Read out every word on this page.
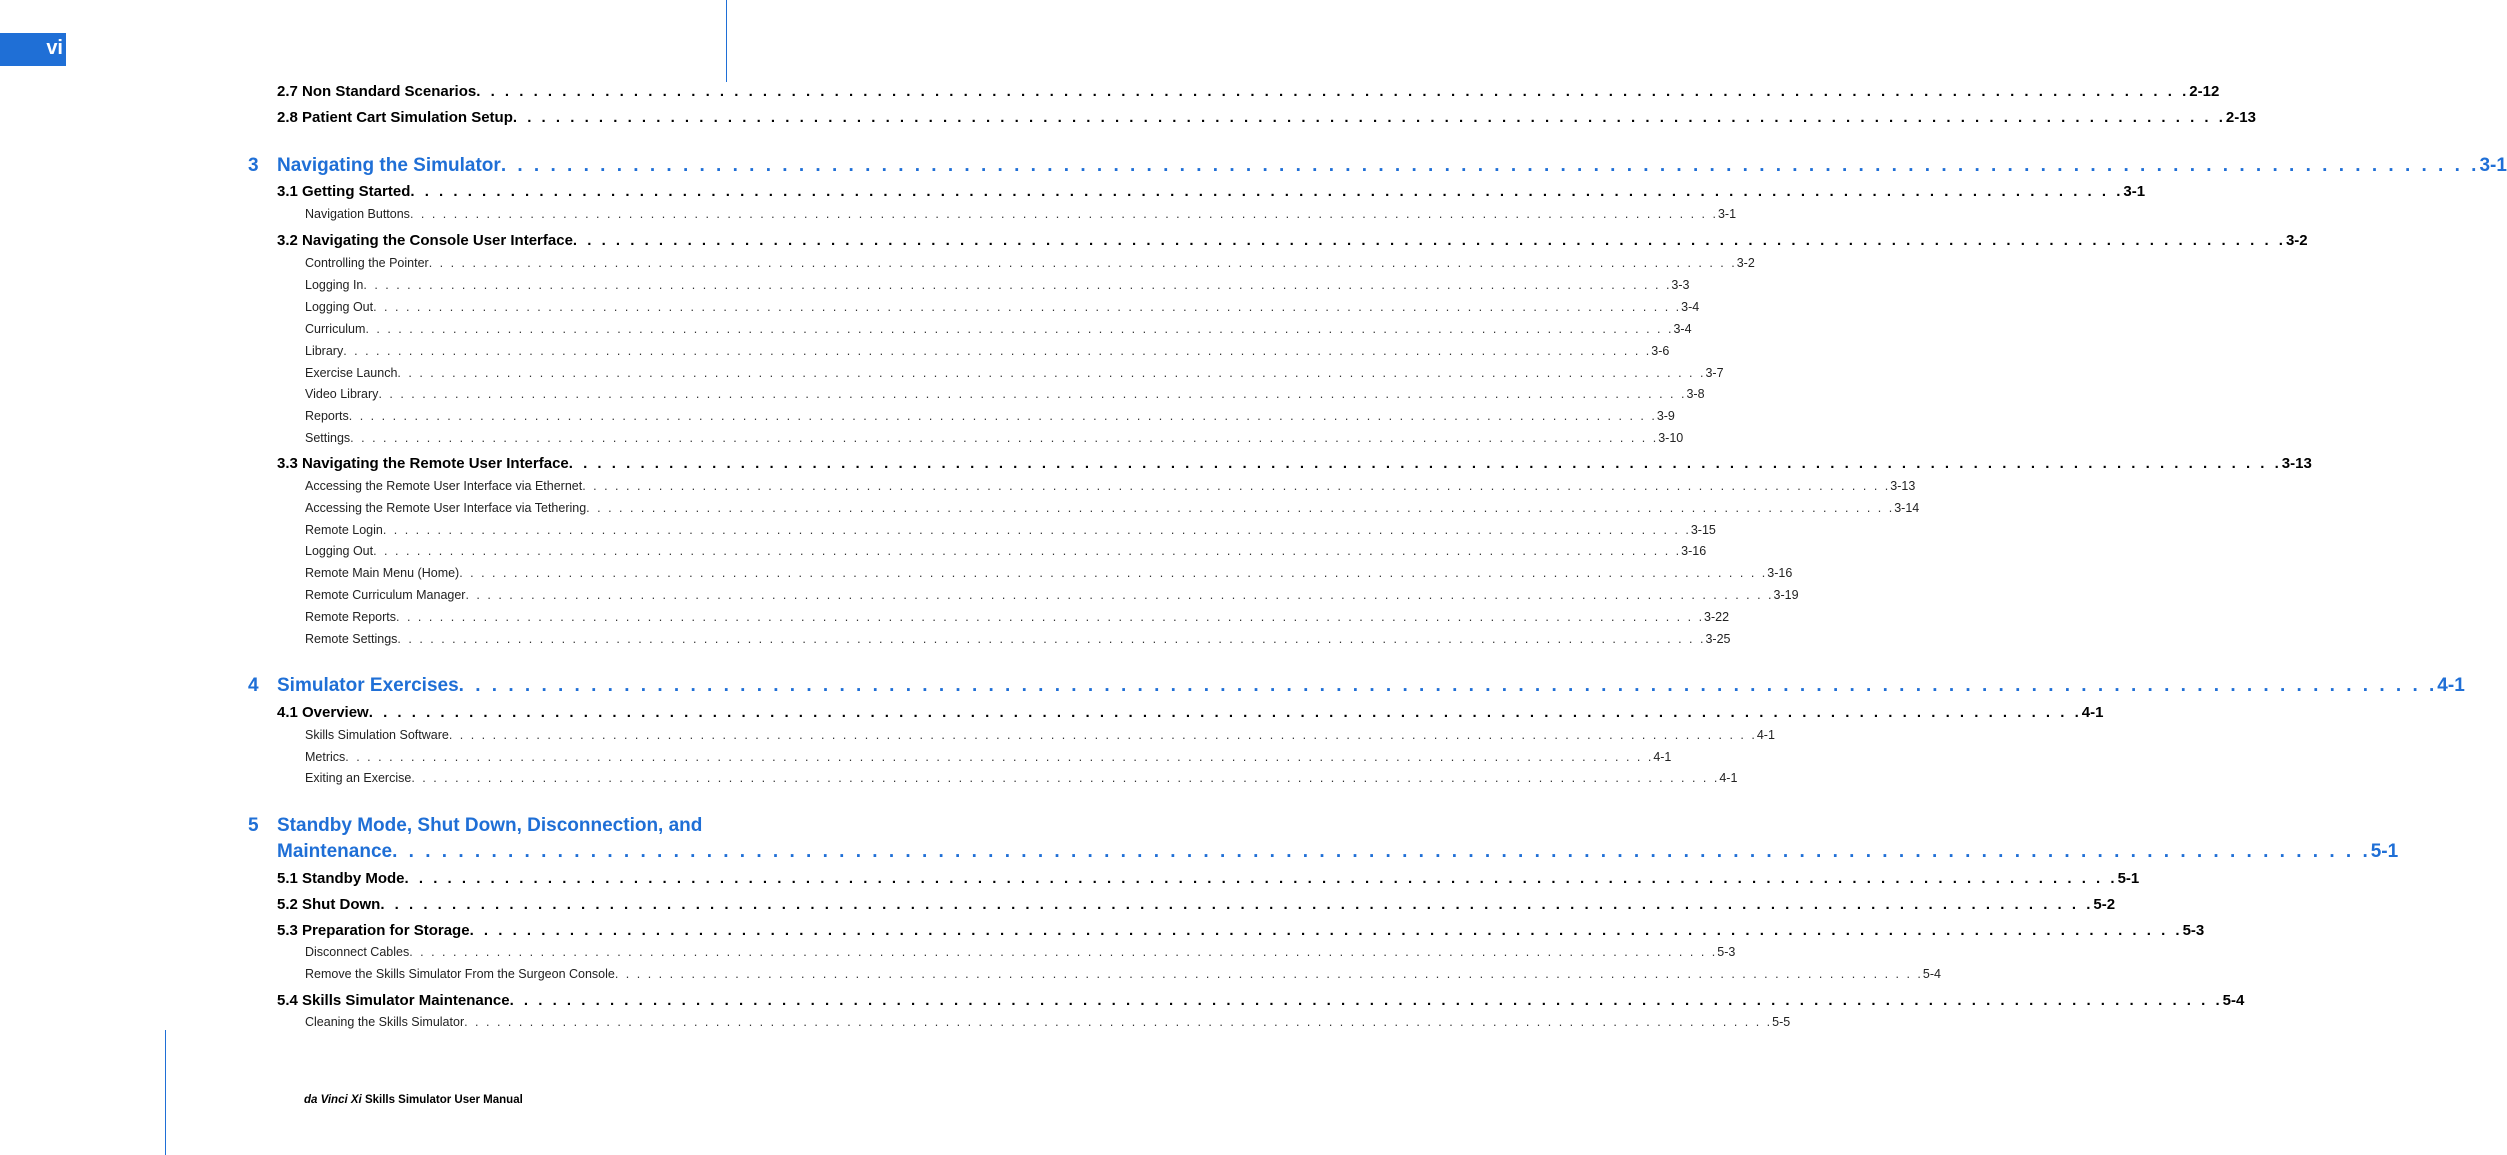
vi
2.7 Non Standard Scenarios . . . . . . . . . . . . . . . . . . . . . . . . . . . . . . . . . . . . . . . . . . . . . . . . . . . . . . . . . . . . . . . . . . . . . . . . . . . . . . . . . . . . . . . . . . . . . . . . . . . . . . . . . . . . . . . . . . . . . . . . 2-12
2.8 Patient Cart Simulation Setup . . . . . . . . . . . . . . . . . . . . . . . . . . . . . . . . . . . . . . . . . . . . . . . . . . . . . . . . . . . . . . . . . . . . . . . . . . . . . . . . . . . . . . . . . . . . . . . . . . . . . . . . . . . . . . . . . . . . . . . . 2-13
3 Navigating the Simulator . . . . . . . . . . . . . . . . . . . . . . . . . . . . . . . . . . . . . . . . . . . . . . . . . . . . . . . . . . . . . . . . . . . . . . . . . . . . . . . . . . . . . . . . . . . . . . . . . . . . . . . . . . . . . . . . . . . . . . . . 3-1
3.1 Getting Started . . . . . . . . . . . . . . . . . . . . . . . . . . . . . . . . . . . . . . . . . . . . . . . . . . . . . . . . . . . . . . . . . . . . . . . . . . . . . . . . . . . . . . . . . . . . . . . . . . . . . . . . . . . . . . . . . . . . . . . . 3-1
Navigation Buttons . . . . . . . . . . . . . . . . . . . . . . . . . . . . . . . . . . . . . . . . . . . . . . . . . . . . . . . . . . . . . . . . . . . . . . . . . . . . . . . . . . . . . . . . . . . . . . . . . . . . . . . . . . . . . . . . . . . . . . . . 3-1
3.2 Navigating the Console User Interface . . . . . . . . . . . . . . . . . . . . . . . . . . . . . . . . . . . . . . . . . . . . . . . . . . . . . . . . . . . . . . . . . . . . . . . . . . . . . . . . . . . . . . . . . . . . . . . . . . . . . . . . . . . . . . . . . . . . . . . . 3-2
Controlling the Pointer . . . . . . . . . . . . . . . . . . . . . . . . . . . . . . . . . . . . . . . . . . . . . . . . . . . . . . . . . . . . . . . . . . . . . . . . . . . . . . . . . . . . . . . . . . . . . . . . . . . . . . . . . . . . . . . . . . . . . . . . 3-2
Logging In . . . . . . . . . . . . . . . . . . . . . . . . . . . . . . . . . . . . . . . . . . . . . . . . . . . . . . . . . . . . . . . . . . . . . . . . . . . . . . . . . . . . . . . . . . . . . . . . . . . . . . . . . . . . . . . . . . . . . . . . 3-3
Logging Out . . . . . . . . . . . . . . . . . . . . . . . . . . . . . . . . . . . . . . . . . . . . . . . . . . . . . . . . . . . . . . . . . . . . . . . . . . . . . . . . . . . . . . . . . . . . . . . . . . . . . . . . . . . . . . . . . . . . . . . . 3-4
Curriculum . . . . . . . . . . . . . . . . . . . . . . . . . . . . . . . . . . . . . . . . . . . . . . . . . . . . . . . . . . . . . . . . . . . . . . . . . . . . . . . . . . . . . . . . . . . . . . . . . . . . . . . . . . . . . . . . . . . . . . . . 3-4
Library . . . . . . . . . . . . . . . . . . . . . . . . . . . . . . . . . . . . . . . . . . . . . . . . . . . . . . . . . . . . . . . . . . . . . . . . . . . . . . . . . . . . . . . . . . . . . . . . . . . . . . . . . . . . . . . . . . . . . . . . 3-6
Exercise Launch . . . . . . . . . . . . . . . . . . . . . . . . . . . . . . . . . . . . . . . . . . . . . . . . . . . . . . . . . . . . . . . . . . . . . . . . . . . . . . . . . . . . . . . . . . . . . . . . . . . . . . . . . . . . . . . . . . . . . . . . 3-7
Video Library . . . . . . . . . . . . . . . . . . . . . . . . . . . . . . . . . . . . . . . . . . . . . . . . . . . . . . . . . . . . . . . . . . . . . . . . . . . . . . . . . . . . . . . . . . . . . . . . . . . . . . . . . . . . . . . . . . . . . . . . 3-8
Reports . . . . . . . . . . . . . . . . . . . . . . . . . . . . . . . . . . . . . . . . . . . . . . . . . . . . . . . . . . . . . . . . . . . . . . . . . . . . . . . . . . . . . . . . . . . . . . . . . . . . . . . . . . . . . . . . . . . . . . . . 3-9
Settings . . . . . . . . . . . . . . . . . . . . . . . . . . . . . . . . . . . . . . . . . . . . . . . . . . . . . . . . . . . . . . . . . . . . . . . . . . . . . . . . . . . . . . . . . . . . . . . . . . . . . . . . . . . . . . . . . . . . . . . . 3-10
3.3 Navigating the Remote User Interface . . . . . . . . . . . . . . . . . . . . . . . . . . . . . . . . . . . . . . . . . . . . . . . . . . . . . . . . . . . . . . . . . . . . . . . . . . . . . . . . . . . . . . . . . . . . . . . . . . . . . . . . . . . . . . . . . . . . . . . . 3-13
Accessing the Remote User Interface via Ethernet . . . . . . . . . . . . . . . . . . . . . . . . . . . . . . . . . . . . . . . . . . . . . . . . . . . . . . . . . . . . . . . . . . . . . . . . . . . . . . . . . . . . . . . . . . . . . . . . . . . . . . . . . . . . . . . . . . . . . . . . 3-13
Accessing the Remote User Interface via Tethering . . . . . . . . . . . . . . . . . . . . . . . . . . . . . . . . . . . . . . . . . . . . . . . . . . . . . . . . . . . . . . . . . . . . . . . . . . . . . . . . . . . . . . . . . . . . . . . . . . . . . . . . . . . . . . . . . . . . . . . . 3-14
Remote Login . . . . . . . . . . . . . . . . . . . . . . . . . . . . . . . . . . . . . . . . . . . . . . . . . . . . . . . . . . . . . . . . . . . . . . . . . . . . . . . . . . . . . . . . . . . . . . . . . . . . . . . . . . . . . . . . . . . . . . . . 3-15
Logging Out . . . . . . . . . . . . . . . . . . . . . . . . . . . . . . . . . . . . . . . . . . . . . . . . . . . . . . . . . . . . . . . . . . . . . . . . . . . . . . . . . . . . . . . . . . . . . . . . . . . . . . . . . . . . . . . . . . . . . . . . 3-16
Remote Main Menu (Home) . . . . . . . . . . . . . . . . . . . . . . . . . . . . . . . . . . . . . . . . . . . . . . . . . . . . . . . . . . . . . . . . . . . . . . . . . . . . . . . . . . . . . . . . . . . . . . . . . . . . . . . . . . . . . . . . . . . . . . . . 3-16
Remote Curriculum Manager . . . . . . . . . . . . . . . . . . . . . . . . . . . . . . . . . . . . . . . . . . . . . . . . . . . . . . . . . . . . . . . . . . . . . . . . . . . . . . . . . . . . . . . . . . . . . . . . . . . . . . . . . . . . . . . . . . . . . . . . 3-19
Remote Reports . . . . . . . . . . . . . . . . . . . . . . . . . . . . . . . . . . . . . . . . . . . . . . . . . . . . . . . . . . . . . . . . . . . . . . . . . . . . . . . . . . . . . . . . . . . . . . . . . . . . . . . . . . . . . . . . . . . . . . . . 3-22
Remote Settings . . . . . . . . . . . . . . . . . . . . . . . . . . . . . . . . . . . . . . . . . . . . . . . . . . . . . . . . . . . . . . . . . . . . . . . . . . . . . . . . . . . . . . . . . . . . . . . . . . . . . . . . . . . . . . . . . . . . . . . . 3-25
4 Simulator Exercises . . . . . . . . . . . . . . . . . . . . . . . . . . . . . . . . . . . . . . . . . . . . . . . . . . . . . . . . . . . . . . . . . . . . . . . . . . . . . . . . . . . . . . . . . . . . . . . . . . . . . . . . . . . . . . . . . . . . . . . . 4-1
4.1 Overview . . . . . . . . . . . . . . . . . . . . . . . . . . . . . . . . . . . . . . . . . . . . . . . . . . . . . . . . . . . . . . . . . . . . . . . . . . . . . . . . . . . . . . . . . . . . . . . . . . . . . . . . . . . . . . . . . . . . . . . . 4-1
Skills Simulation Software . . . . . . . . . . . . . . . . . . . . . . . . . . . . . . . . . . . . . . . . . . . . . . . . . . . . . . . . . . . . . . . . . . . . . . . . . . . . . . . . . . . . . . . . . . . . . . . . . . . . . . . . . . . . . . . . . . . . . . . . 4-1
Metrics . . . . . . . . . . . . . . . . . . . . . . . . . . . . . . . . . . . . . . . . . . . . . . . . . . . . . . . . . . . . . . . . . . . . . . . . . . . . . . . . . . . . . . . . . . . . . . . . . . . . . . . . . . . . . . . . . . . . . . . . 4-1
Exiting an Exercise . . . . . . . . . . . . . . . . . . . . . . . . . . . . . . . . . . . . . . . . . . . . . . . . . . . . . . . . . . . . . . . . . . . . . . . . . . . . . . . . . . . . . . . . . . . . . . . . . . . . . . . . . . . . . . . . . . . . . . . . 4-1
5 Standby Mode, Shut Down, Disconnection, and
Maintenance . . . . . . . . . . . . . . . . . . . . . . . . . . . . . . . . . . . . . . . . . . . . . . . . . . . . . . . . . . . . . . . . . . . . . . . . . . . . . . . . . . . . . . . . . . . . . . . . . . . . . . . . . . . . . . . . . . . . . . . . 5-1
5.1 Standby Mode . . . . . . . . . . . . . . . . . . . . . . . . . . . . . . . . . . . . . . . . . . . . . . . . . . . . . . . . . . . . . . . . . . . . . . . . . . . . . . . . . . . . . . . . . . . . . . . . . . . . . . . . . . . . . . . . . . . . . . . . 5-1
5.2 Shut Down . . . . . . . . . . . . . . . . . . . . . . . . . . . . . . . . . . . . . . . . . . . . . . . . . . . . . . . . . . . . . . . . . . . . . . . . . . . . . . . . . . . . . . . . . . . . . . . . . . . . . . . . . . . . . . . . . . . . . . . . 5-2
5.3 Preparation for Storage . . . . . . . . . . . . . . . . . . . . . . . . . . . . . . . . . . . . . . . . . . . . . . . . . . . . . . . . . . . . . . . . . . . . . . . . . . . . . . . . . . . . . . . . . . . . . . . . . . . . . . . . . . . . . . . . . . . . . . . . 5-3
Disconnect Cables . . . . . . . . . . . . . . . . . . . . . . . . . . . . . . . . . . . . . . . . . . . . . . . . . . . . . . . . . . . . . . . . . . . . . . . . . . . . . . . . . . . . . . . . . . . . . . . . . . . . . . . . . . . . . . . . . . . . . . . . 5-3
Remove the Skills Simulator From the Surgeon Console . . . . . . . . . . . . . . . . . . . . . . . . . . . . . . . . . . . . . . . . . . . . . . . . . . . . . . . . . . . . . . . . . . . . . . . . . . . . . . . . . . . . . . . . . . . . . . . . . . . . . . . . . . . . . . . . . . . . . . . . 5-4
5.4 Skills Simulator Maintenance . . . . . . . . . . . . . . . . . . . . . . . . . . . . . . . . . . . . . . . . . . . . . . . . . . . . . . . . . . . . . . . . . . . . . . . . . . . . . . . . . . . . . . . . . . . . . . . . . . . . . . . . . . . . . . . . . . . . . . . . 5-4
Cleaning the Skills Simulator . . . . . . . . . . . . . . . . . . . . . . . . . . . . . . . . . . . . . . . . . . . . . . . . . . . . . . . . . . . . . . . . . . . . . . . . . . . . . . . . . . . . . . . . . . . . . . . . . . . . . . . . . . . . . . . . . . . . . . . . 5-5
da Vinci Xi Skills Simulator User Manual
